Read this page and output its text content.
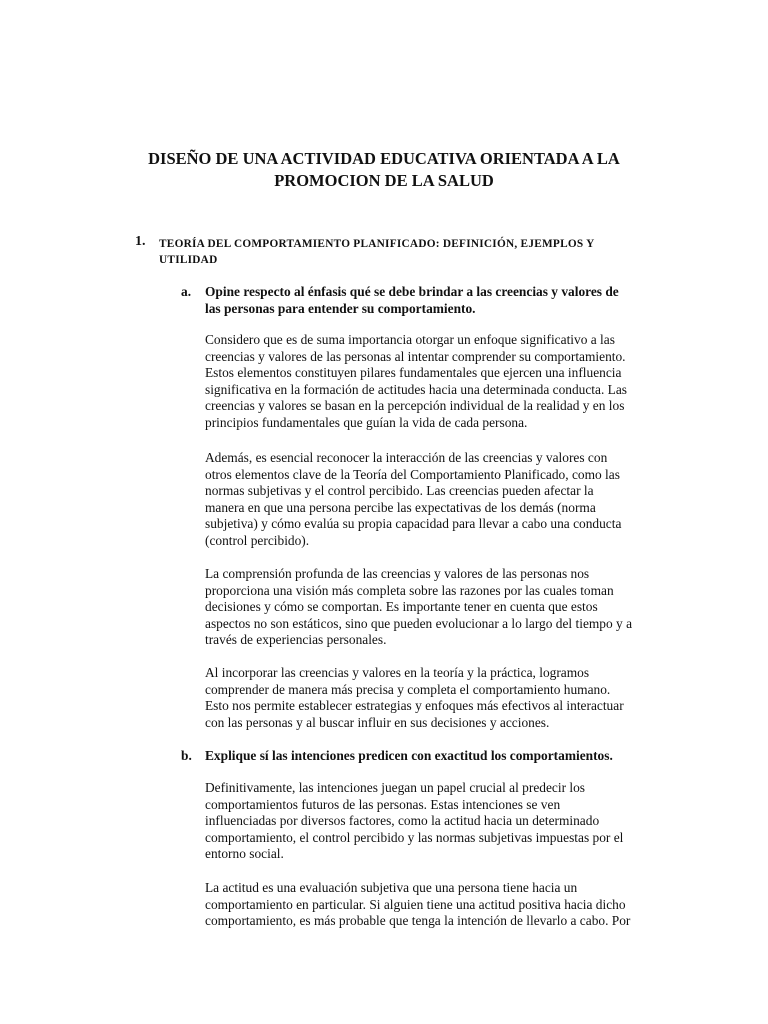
DISEÑO DE UNA ACTIVIDAD EDUCATIVA ORIENTADA A LA
PROMOCION DE LA SALUD
1. TEORÍA DEL COMPORTAMIENTO PLANIFICADO: DEFINICIÓN, EJEMPLOS Y
UTILIDAD
a. Opine respecto al énfasis qué se debe brindar a las creencias y valores de
las personas para entender su comportamiento.
Considero que es de suma importancia otorgar un enfoque significativo a las
creencias y valores de las personas al intentar comprender su comportamiento.
Estos elementos constituyen pilares fundamentales que ejercen una influencia
significativa en la formación de actitudes hacia una determinada conducta. Las
creencias y valores se basan en la percepción individual de la realidad y en los
principios fundamentales que guían la vida de cada persona.
Además, es esencial reconocer la interacción de las creencias y valores con
otros elementos clave de la Teoría del Comportamiento Planificado, como las
normas subjetivas y el control percibido. Las creencias pueden afectar la
manera en que una persona percibe las expectativas de los demás (norma
subjetiva) y cómo evalúa su propia capacidad para llevar a cabo una conducta
(control percibido).
La comprensión profunda de las creencias y valores de las personas nos
proporciona una visión más completa sobre las razones por las cuales toman
decisiones y cómo se comportan. Es importante tener en cuenta que estos
aspectos no son estáticos, sino que pueden evolucionar a lo largo del tiempo y a
través de experiencias personales.
Al incorporar las creencias y valores en la teoría y la práctica, logramos
comprender de manera más precisa y completa el comportamiento humano.
Esto nos permite establecer estrategias y enfoques más efectivos al interactuar
con las personas y al buscar influir en sus decisiones y acciones.
b. Explique sí las intenciones predicen con exactitud los comportamientos.
Definitivamente, las intenciones juegan un papel crucial al predecir los
comportamientos futuros de las personas. Estas intenciones se ven
influenciadas por diversos factores, como la actitud hacia un determinado
comportamiento, el control percibido y las normas subjetivas impuestas por el
entorno social.
La actitud es una evaluación subjetiva que una persona tiene hacia un
comportamiento en particular. Si alguien tiene una actitud positiva hacia dicho
comportamiento, es más probable que tenga la intención de llevarlo a cabo. Por
